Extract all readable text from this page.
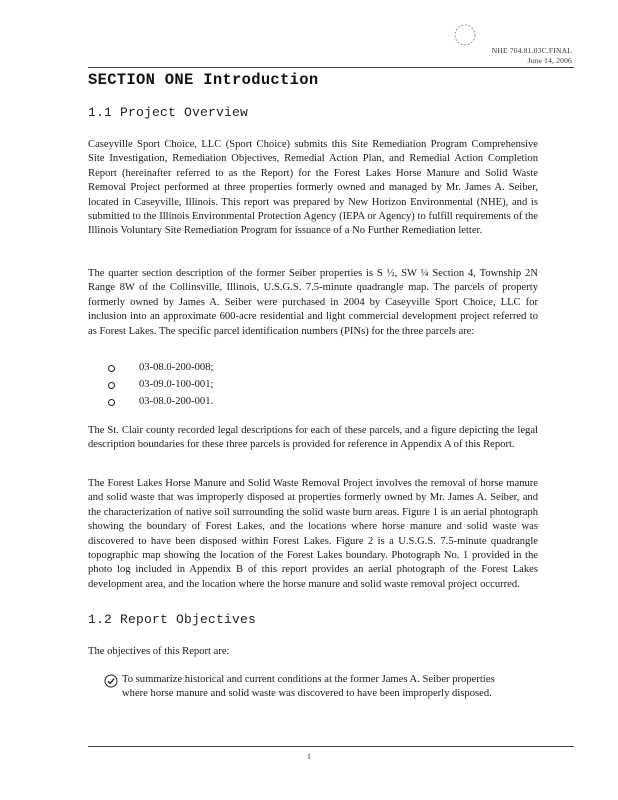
NHE 704.81.03C.FINAL
June 14, 2006
SECTION ONE Introduction
1.1 Project Overview

Caseyville Sport Choice, LLC (Sport Choice) submits this Site Remediation Program Comprehensive Site Investigation, Remediation Objectives, Remedial Action Plan, and Remedial Action Completion Report (hereinafter referred to as the Report) for the Forest Lakes Horse Manure and Solid Waste Removal Project performed at three properties formerly owned and managed by Mr. James A. Seiber, located in Caseyville, Illinois. This report was prepared by New Horizon Environmental (NHE), and is submitted to the Illinois Environmental Protection Agency (IEPA or Agency) to fulfill requirements of the Illinois Voluntary Site Remediation Program for issuance of a No Further Remediation letter.

The quarter section description of the former Seiber properties is S ½, SW ¼ Section 4, Township 2N Range 8W of the Collinsville, Illinois, U.S.G.S. 7.5-minute quadrangle map. The parcels of property formerly owned by James A. Seiber were purchased in 2004 by Caseyville Sport Choice, LLC for inclusion into an approximate 600-acre residential and light commercial development project referred to as Forest Lakes. The specific parcel identification numbers (PINs) for the three parcels are:

03-08.0-200-008;
03-09.0-100-001;
03-08.0-200-001.

The St. Clair county recorded legal descriptions for each of these parcels, and a figure depicting the legal description boundaries for these three parcels is provided for reference in Appendix A of this Report.

The Forest Lakes Horse Manure and Solid Waste Removal Project involves the removal of horse manure and solid waste that was improperly disposed at properties formerly owned by Mr. James A. Seiber, and the characterization of native soil surrounding the solid waste burn areas. Figure 1 is an aerial photograph showing the boundary of Forest Lakes, and the locations where horse manure and solid waste was discovered to have been disposed within Forest Lakes. Figure 2 is a U.S.G.S. 7.5-minute quadrangle topographic map showing the location of the Forest Lakes boundary. Photograph No. 1 provided in the photo log included in Appendix B of this report provides an aerial photograph of the Forest Lakes development area, and the location where the horse manure and solid waste removal project occurred.

1.2 Report Objectives

The objectives of this Report are:

To summarize historical and current conditions at the former James A. Seiber properties where horse manure and solid waste was discovered to have been improperly disposed.
1
